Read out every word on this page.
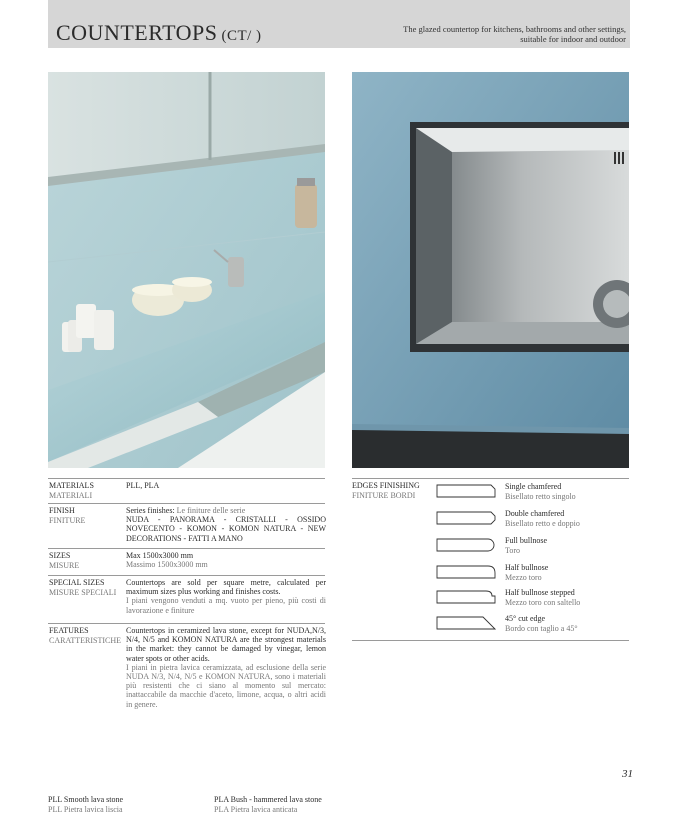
COUNTERTOPS (CT/ )	The glazed countertop for kitchens, bathrooms and other settings,
suitable for indoor and outdoor
MATERIALS
MATERIALI
PLL, PLA
FINISH
FINITURE
Series finishes: Le finiture delle serie
NUDA - PANORAMA - CRISTALLI - OSSIDO NOVECENTO - KOMON - KOMON NATURA - NEW DECORATIONS - FATTI A MANO
SIZES
MISURE
Max 1500x3000 mm
Massimo 1500x3000 mm
SPECIAL SIZES
MISURE SPECIALI
Countertops are sold per square metre, calculated per maximum sizes plus working and finishes costs.
I piani vengono venduti a mq. vuoto per pieno, più costi di lavorazione e finiture
FEATURES
CARATTERISTICHE
Countertops in ceramized lava stone, except for NUDA,N/3, N/4, N/5 and KOMON NATURA are the strongest materials in the market: they cannot be damaged by vinegar, lemon water spots or other acids.
I piani in pietra lavica ceramizzata, ad esclusione della serie NUDA N/3, N/4, N/5 e KOMON NATURA, sono i materiali più resistenti che ci siano al momento sul mercato: inattaccabile da macchie d'aceto, limone, acqua, o altri acidi in genere.
EDGES FINISHING
FINITURE BORDI
Single chamfered
Bisellato retto singolo
Double chamfered
Bisellato retto e doppio
Full bullnose
Toro
Half bullnose
Mezzo toro
Half bullnose stepped
Mezzo toro con saltello
45° cut edge
Bordo con taglio a 45°
31
PLL Smooth lava stone
PLL Pietra lavica liscia
PLA Bush - hammered lava stone
PLA Pietra lavica anticata
